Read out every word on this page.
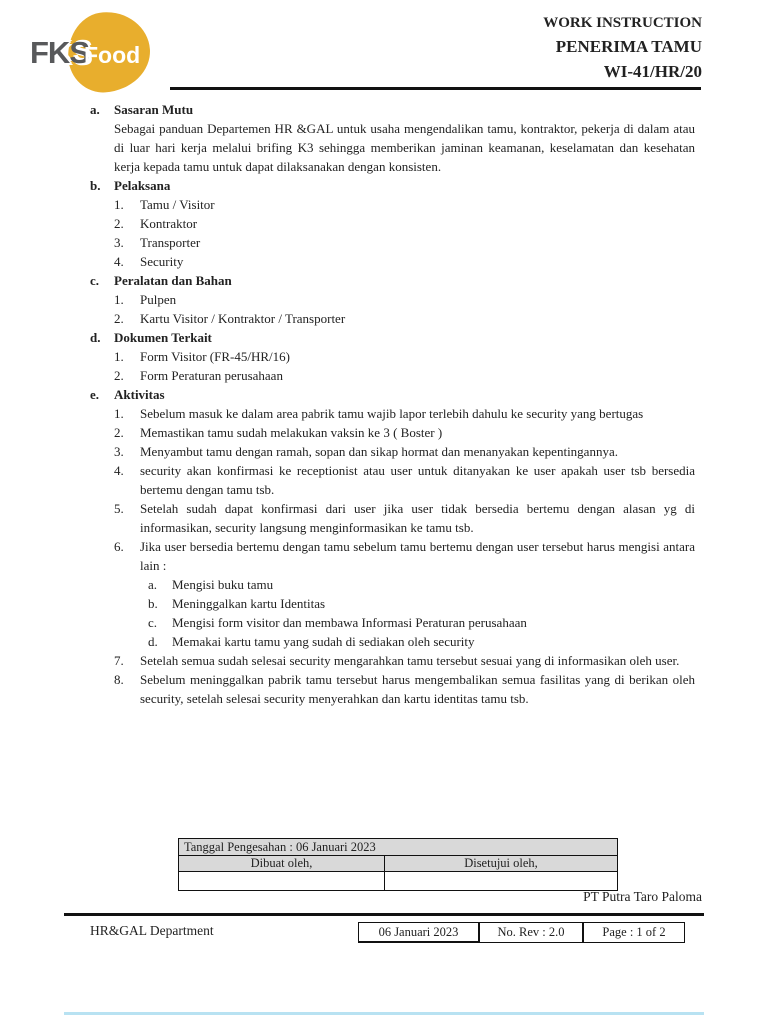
FKS
Food
WORK INSTRUCTION
PENERIMA TAMU
WI-41/HR/20
a.	Sasaran Mutu
Sebagai panduan Departemen HR &GAL untuk usaha mengendalikan tamu, kontraktor, pekerja di dalam atau di luar hari kerja melalui brifing K3 sehingga memberikan jaminan keamanan, keselamatan dan kesehatan kerja kepada tamu untuk dapat dilaksanakan dengan konsisten.
b.	Pelaksana
1.	Tamu / Visitor
2.	Kontraktor
3.	Transporter
4.	Security
c.	Peralatan dan Bahan
1.	Pulpen
2.	Kartu Visitor / Kontraktor / Transporter
d.	Dokumen Terkait
1.	Form Visitor (FR-45/HR/16)
2.	Form Peraturan perusahaan
e.	Aktivitas
1.	Sebelum masuk ke dalam area pabrik tamu wajib lapor terlebih dahulu ke security yang bertugas
2.	Memastikan tamu sudah melakukan vaksin ke 3 ( Boster )
3.	Menyambut tamu dengan ramah, sopan dan sikap hormat dan menanyakan kepentingannya.
4.	security akan konfirmasi ke receptionist atau user untuk ditanyakan ke user apakah user tsb bersedia bertemu dengan tamu tsb.
5.	Setelah sudah dapat konfirmasi dari user jika user tidak bersedia bertemu dengan alasan yg di informasikan, security langsung menginformasikan ke tamu tsb.
6.	Jika user bersedia bertemu dengan tamu sebelum tamu bertemu dengan user tersebut harus mengisi antara lain :
a.	Mengisi buku tamu
b.	Meninggalkan kartu Identitas
c.	Mengisi form visitor dan membawa Informasi Peraturan perusahaan
d.	Memakai kartu tamu yang sudah di sediakan oleh security
7.	Setelah semua sudah selesai security mengarahkan tamu tersebut sesuai yang di informasikan oleh user.
8.	Sebelum meninggalkan pabrik tamu tersebut harus mengembalikan semua fasilitas yang di berikan oleh security, setelah selesai security menyerahkan dan kartu identitas tamu tsb.
Tanggal Pengesahan : 06 Januari 2023	
Dibuat oleh,	Disetujui oleh,

PT Putra Taro Paloma
HR&GAL Department	06 Januari 2023	No. Rev : 2.0	Page : 1 of 2
